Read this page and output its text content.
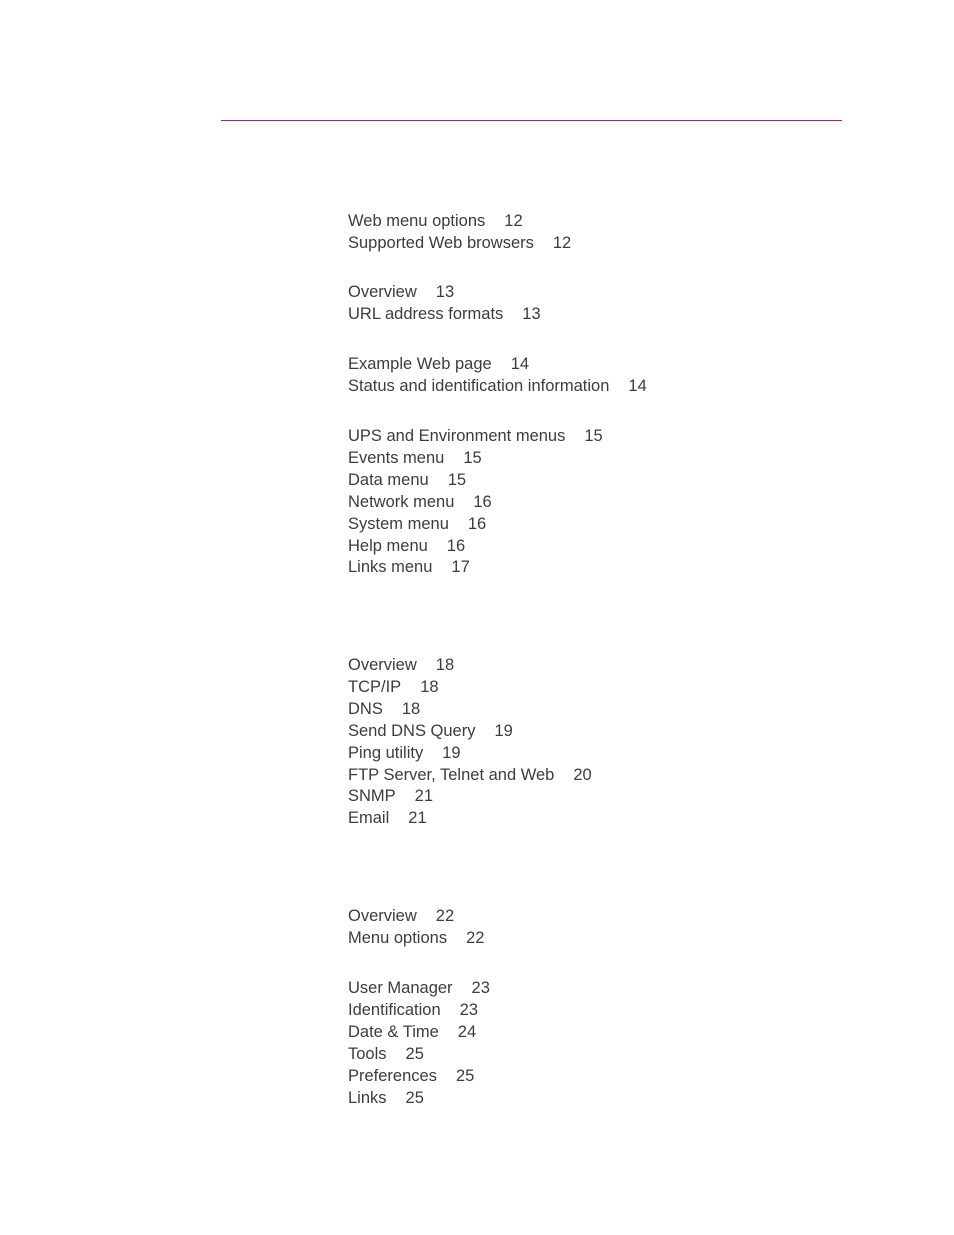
Web menu options 12
Supported Web browsers 12
Overview 13
URL address formats 13
Example Web page 14
Status and identification information 14
UPS and Environment menus 15
Events menu 15
Data menu 15
Network menu 16
System menu 16
Help menu 16
Links menu 17
Overview 18
TCP/IP 18
DNS 18
Send DNS Query 19
Ping utility 19
FTP Server, Telnet and Web 20
SNMP 21
Email 21
Overview 22
Menu options 22
User Manager 23
Identification 23
Date & Time 24
Tools 25
Preferences 25
Links 25
